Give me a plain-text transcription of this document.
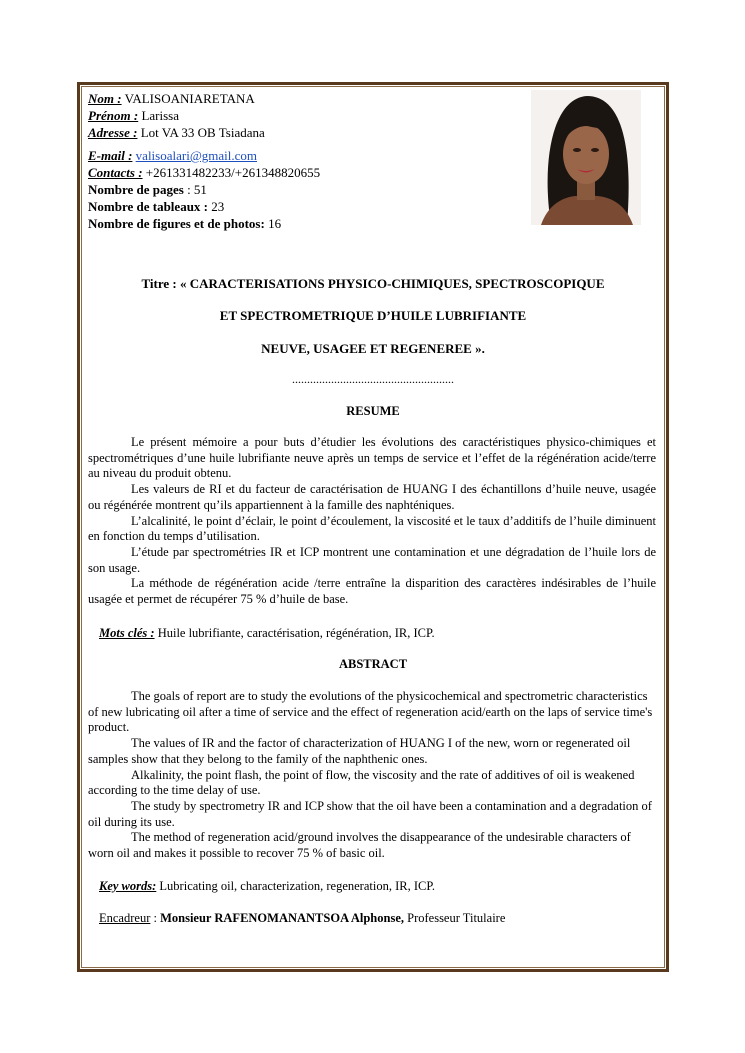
Nom : VALISOANIARETANA
Prénom : Larissa
Adresse : Lot VA 33 OB Tsiadana
E-mail : valisoalari@gmail.com
Contacts : +261331482233/+261348820655
Nombre de pages : 51
Nombre de tableaux : 23
Nombre de figures et de photos: 16
Titre : « CARACTERISATIONS PHYSICO-CHIMIQUES, SPECTROSCOPIQUE
ET SPECTROMETRIQUE D’HUILE LUBRIFIANTE
NEUVE, USAGEE ET REGENEREE ».
......................................................
RESUME

Le présent mémoire a pour buts d’étudier les évolutions des caractéristiques physico-chimiques et spectrométriques d’une huile lubrifiante neuve après un temps de service et l’effet de la régénération acide/terre au niveau du produit obtenu.

Les valeurs de RI et du facteur de caractérisation de HUANG I des échantillons d’huile neuve, usagée ou régénérée montrent qu’ils appartiennent à la famille des naphténiques.

L’alcalinité, le point d’éclair, le point d’écoulement, la viscosité et le taux d’additifs de l’huile diminuent en fonction du temps d’utilisation.

L’étude par spectrométries IR et ICP montrent une contamination et une dégradation de l’huile lors de son usage.

La méthode de régénération acide /terre entraîne la disparition des caractères indésirables de l’huile usagée et permet de récupérer 75 % d’huile de base.

Mots clés : Huile lubrifiante, caractérisation, régénération, IR, ICP.
ABSTRACT

The goals of report are to study the evolutions of the physicochemical and spectrometric characteristics of new lubricating oil after a time of service and the effect of regeneration acid/earth on the laps of service time's product.

The values of IR and the factor of characterization of HUANG I of the new, worn or regenerated oil samples show that they belong to the family of the naphthenic ones.

Alkalinity, the point flash, the point of flow, the viscosity and the rate of additives of oil is weakened according to the time delay of use.

The study by spectrometry IR and ICP show that the oil have been a contamination and a degradation of oil during its use.

The method of regeneration acid/ground involves the disappearance of the undesirable characters of worn oil and makes it possible to recover 75 % of basic oil.

Key words: Lubricating oil, characterization, regeneration, IR, ICP.
Encadreur : Monsieur RAFENOMANANTSOA Alphonse, Professeur Titulaire
